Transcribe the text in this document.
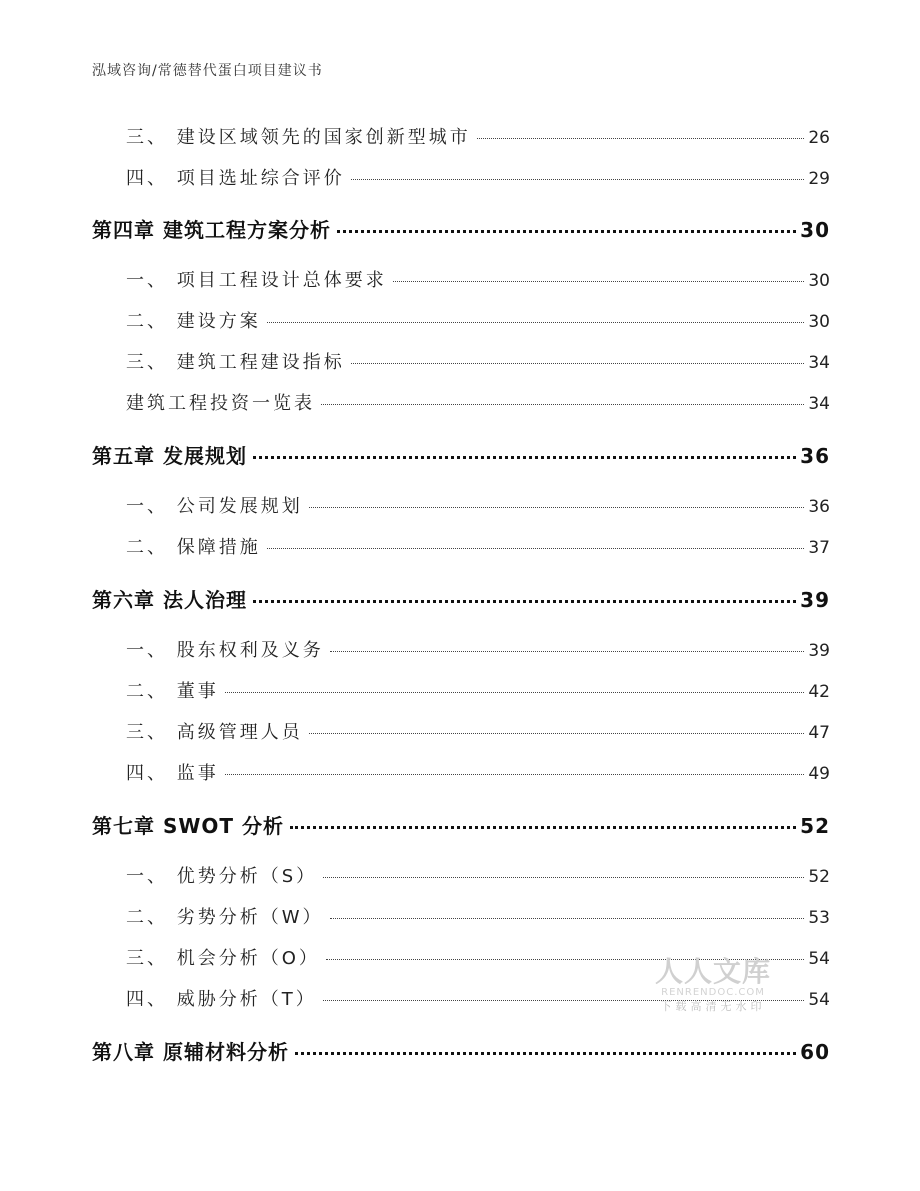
泓域咨询/常德替代蛋白项目建议书
三、 建设区域领先的国家创新型城市	26
四、 项目选址综合评价	29
第四章 建筑工程方案分析	30
一、 项目工程设计总体要求	30
二、 建设方案	30
三、 建筑工程建设指标	34
建筑工程投资一览表	34
第五章 发展规划	36
一、 公司发展规划	36
二、 保障措施	37
第六章 法人治理	39
一、 股东权利及义务	39
二、 董事	42
三、 高级管理人员	47
四、 监事	49
第七章 SWOT 分析	52
一、 优势分析（S）	52
二、 劣势分析（W）	53
三、 机会分析（O）	54
四、 威胁分析（T）	54
第八章 原辅材料分析	60
人人文库
RENRENDOC.COM
下载高清无水印
